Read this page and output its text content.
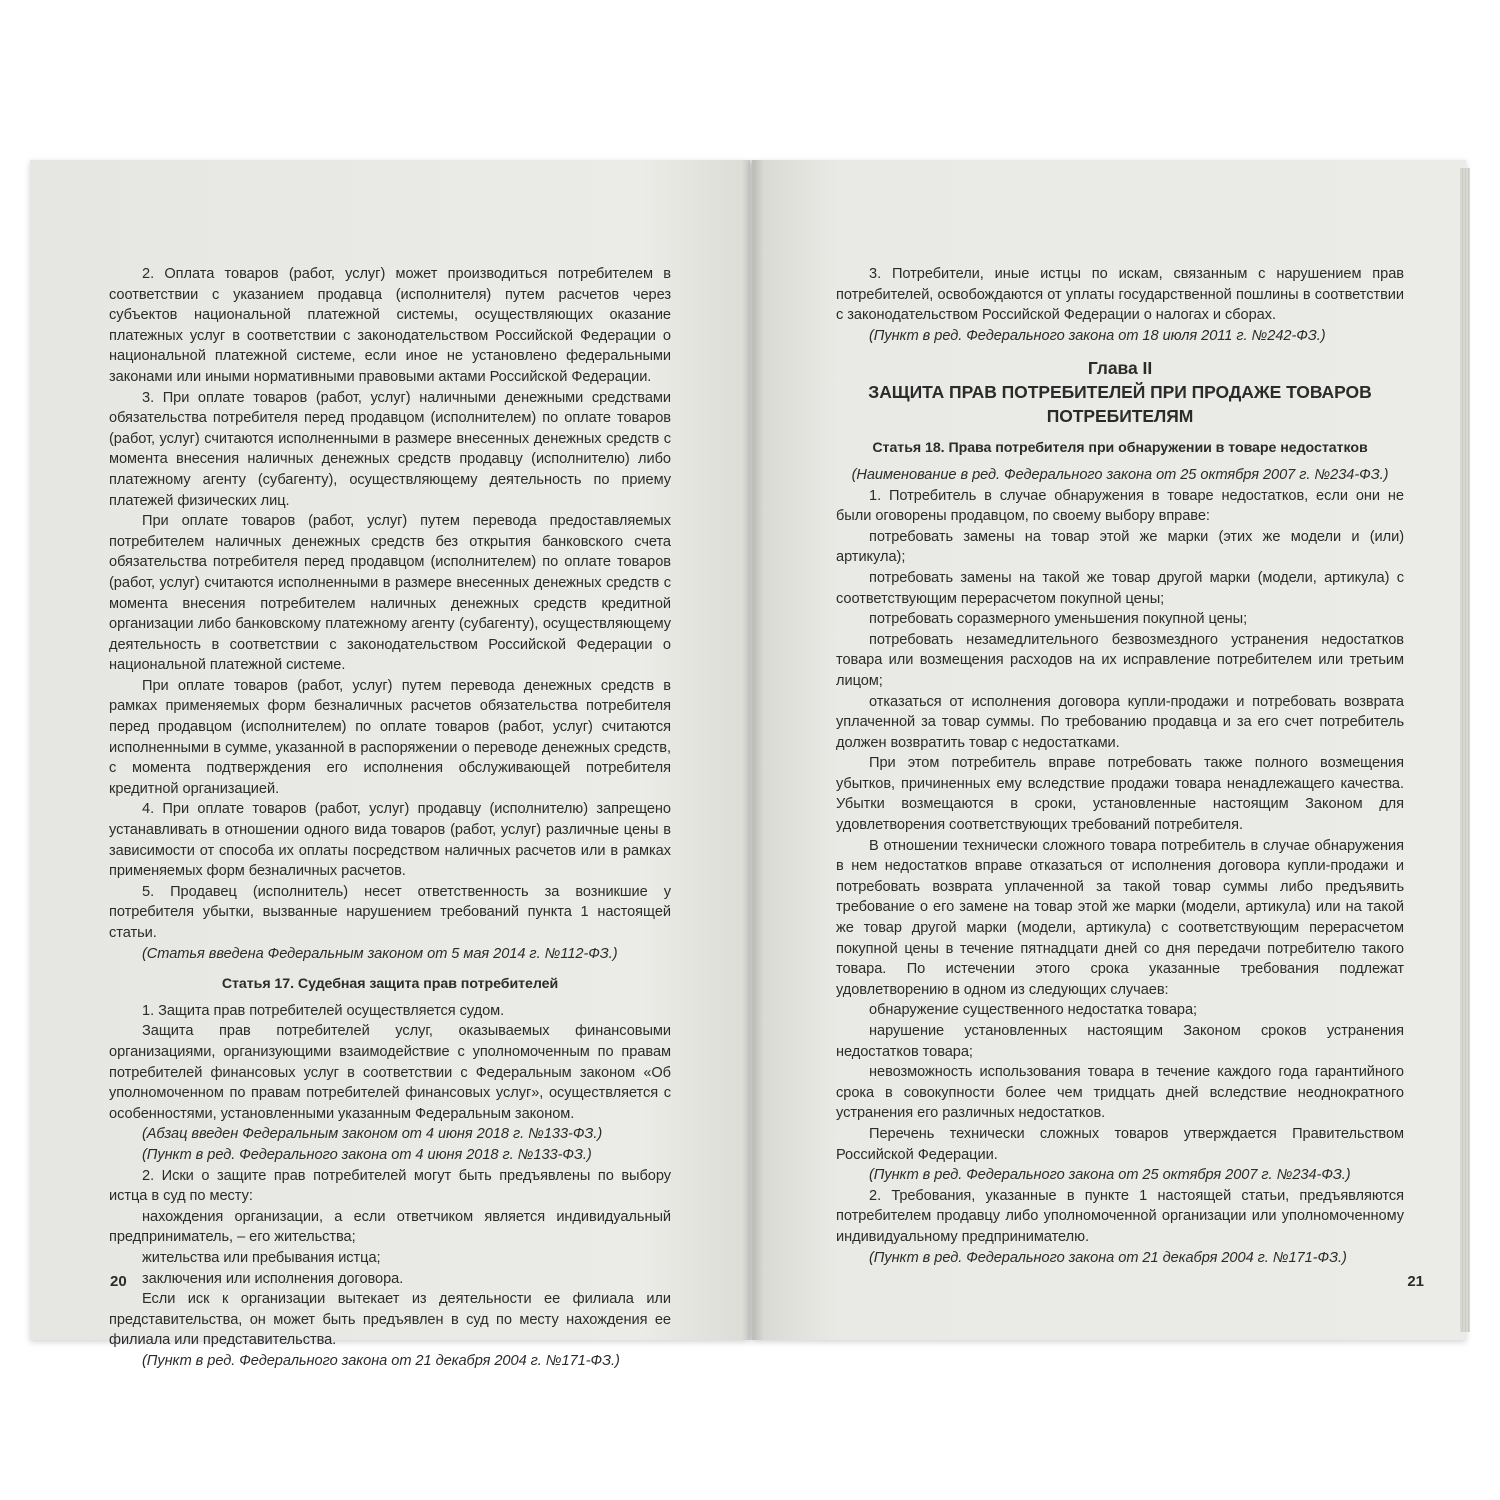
2. Оплата товаров (работ, услуг) может производиться потребителем в соответствии с указанием продавца (исполнителя) путем расчетов через субъектов национальной платежной системы, осуществляющих оказание платежных услуг в соответствии с законодательством Российской Федерации о национальной платежной системе, если иное не установлено федеральными законами или иными нормативными правовыми актами Российской Федерации.

3. При оплате товаров (работ, услуг) наличными денежными средствами обязательства потребителя перед продавцом (исполнителем) по оплате товаров (работ, услуг) считаются исполненными в размере внесенных денежных средств с момента внесения наличных денежных средств продавцу (исполнителю) либо платежному агенту (субагенту), осуществляющему деятельность по приему платежей физических лиц.

При оплате товаров (работ, услуг) путем перевода предоставляемых потребителем наличных денежных средств без открытия банковского счета обязательства потребителя перед продавцом (исполнителем) по оплате товаров (работ, услуг) считаются исполненными в размере внесенных денежных средств с момента внесения потребителем наличных денежных средств кредитной организации либо банковскому платежному агенту (субагенту), осуществляющему деятельность в соответствии с законодательством Российской Федерации о национальной платежной системе.

При оплате товаров (работ, услуг) путем перевода денежных средств в рамках применяемых форм безналичных расчетов обязательства потребителя перед продавцом (исполнителем) по оплате товаров (работ, услуг) считаются исполненными в сумме, указанной в распоряжении о переводе денежных средств, с момента подтверждения его исполнения обслуживающей потребителя кредитной организацией.

4. При оплате товаров (работ, услуг) продавцу (исполнителю) запрещено устанавливать в отношении одного вида товаров (работ, услуг) различные цены в зависимости от способа их оплаты посредством наличных расчетов или в рамках применяемых форм безналичных расчетов.

5. Продавец (исполнитель) несет ответственность за возникшие у потребителя убытки, вызванные нарушением требований пункта 1 настоящей статьи.

(Статья введена Федеральным законом от 5 мая 2014 г. №112-ФЗ.)

Статья 17. Судебная защита прав потребителей

1. Защита прав потребителей осуществляется судом.

Защита прав потребителей услуг, оказываемых финансовыми организациями, организующими взаимодействие с уполномоченным по правам потребителей финансовых услуг в соответствии с Федеральным законом «Об уполномоченном по правам потребителей финансовых услуг», осуществляется с особенностями, установленными указанным Федеральным законом.

(Абзац введен Федеральным законом от 4 июня 2018 г. №133-ФЗ.)

(Пункт в ред. Федерального закона от 4 июня 2018 г. №133-ФЗ.)

2. Иски о защите прав потребителей могут быть предъявлены по выбору истца в суд по месту:

нахождения организации, а если ответчиком является индивидуальный предприниматель, – его жительства;

жительства или пребывания истца;

заключения или исполнения договора.

Если иск к организации вытекает из деятельности ее филиала или представительства, он может быть предъявлен в суд по месту нахождения ее филиала или представительства.

(Пункт в ред. Федерального закона от 21 декабря 2004 г. №171-ФЗ.)

20

3. Потребители, иные истцы по искам, связанным с нарушением прав потребителей, освобождаются от уплаты государственной пошлины в соответствии с законодательством Российской Федерации о налогах и сборах.

(Пункт в ред. Федерального закона от 18 июля 2011 г. №242-ФЗ.)

Глава II

ЗАЩИТА ПРАВ ПОТРЕБИТЕЛЕЙ ПРИ ПРОДАЖЕ ТОВАРОВ ПОТРЕБИТЕЛЯМ

Статья 18. Права потребителя при обнаружении в товаре недостатков

(Наименование в ред. Федерального закона от 25 октября 2007 г. №234-ФЗ.)

1. Потребитель в случае обнаружения в товаре недостатков, если они не были оговорены продавцом, по своему выбору вправе:

потребовать замены на товар этой же марки (этих же модели и (или) артикула);

потребовать замены на такой же товар другой марки (модели, артикула) с соответствующим перерасчетом покупной цены;

потребовать соразмерного уменьшения покупной цены;

потребовать незамедлительного безвозмездного устранения недостатков товара или возмещения расходов на их исправление потребителем или третьим лицом;

отказаться от исполнения договора купли-продажи и потребовать возврата уплаченной за товар суммы. По требованию продавца и за его счет потребитель должен возвратить товар с недостатками.

При этом потребитель вправе потребовать также полного возмещения убытков, причиненных ему вследствие продажи товара ненадлежащего качества. Убытки возмещаются в сроки, установленные настоящим Законом для удовлетворения соответствующих требований потребителя.

В отношении технически сложного товара потребитель в случае обнаружения в нем недостатков вправе отказаться от исполнения договора купли-продажи и потребовать возврата уплаченной за такой товар суммы либо предъявить требование о его замене на товар этой же марки (модели, артикула) или на такой же товар другой марки (модели, артикула) с соответствующим перерасчетом покупной цены в течение пятнадцати дней со дня передачи потребителю такого товара. По истечении этого срока указанные требования подлежат удовлетворению в одном из следующих случаев:

обнаружение существенного недостатка товара;

нарушение установленных настоящим Законом сроков устранения недостатков товара;

невозможность использования товара в течение каждого года гарантийного срока в совокупности более чем тридцать дней вследствие неоднократного устранения его различных недостатков.

Перечень технически сложных товаров утверждается Правительством Российской Федерации.

(Пункт в ред. Федерального закона от 25 октября 2007 г. №234-ФЗ.)

2. Требования, указанные в пункте 1 настоящей статьи, предъявляются потребителем продавцу либо уполномоченной организации или уполномоченному индивидуальному предпринимателю.

(Пункт в ред. Федерального закона от 21 декабря 2004 г. №171-ФЗ.)

21
